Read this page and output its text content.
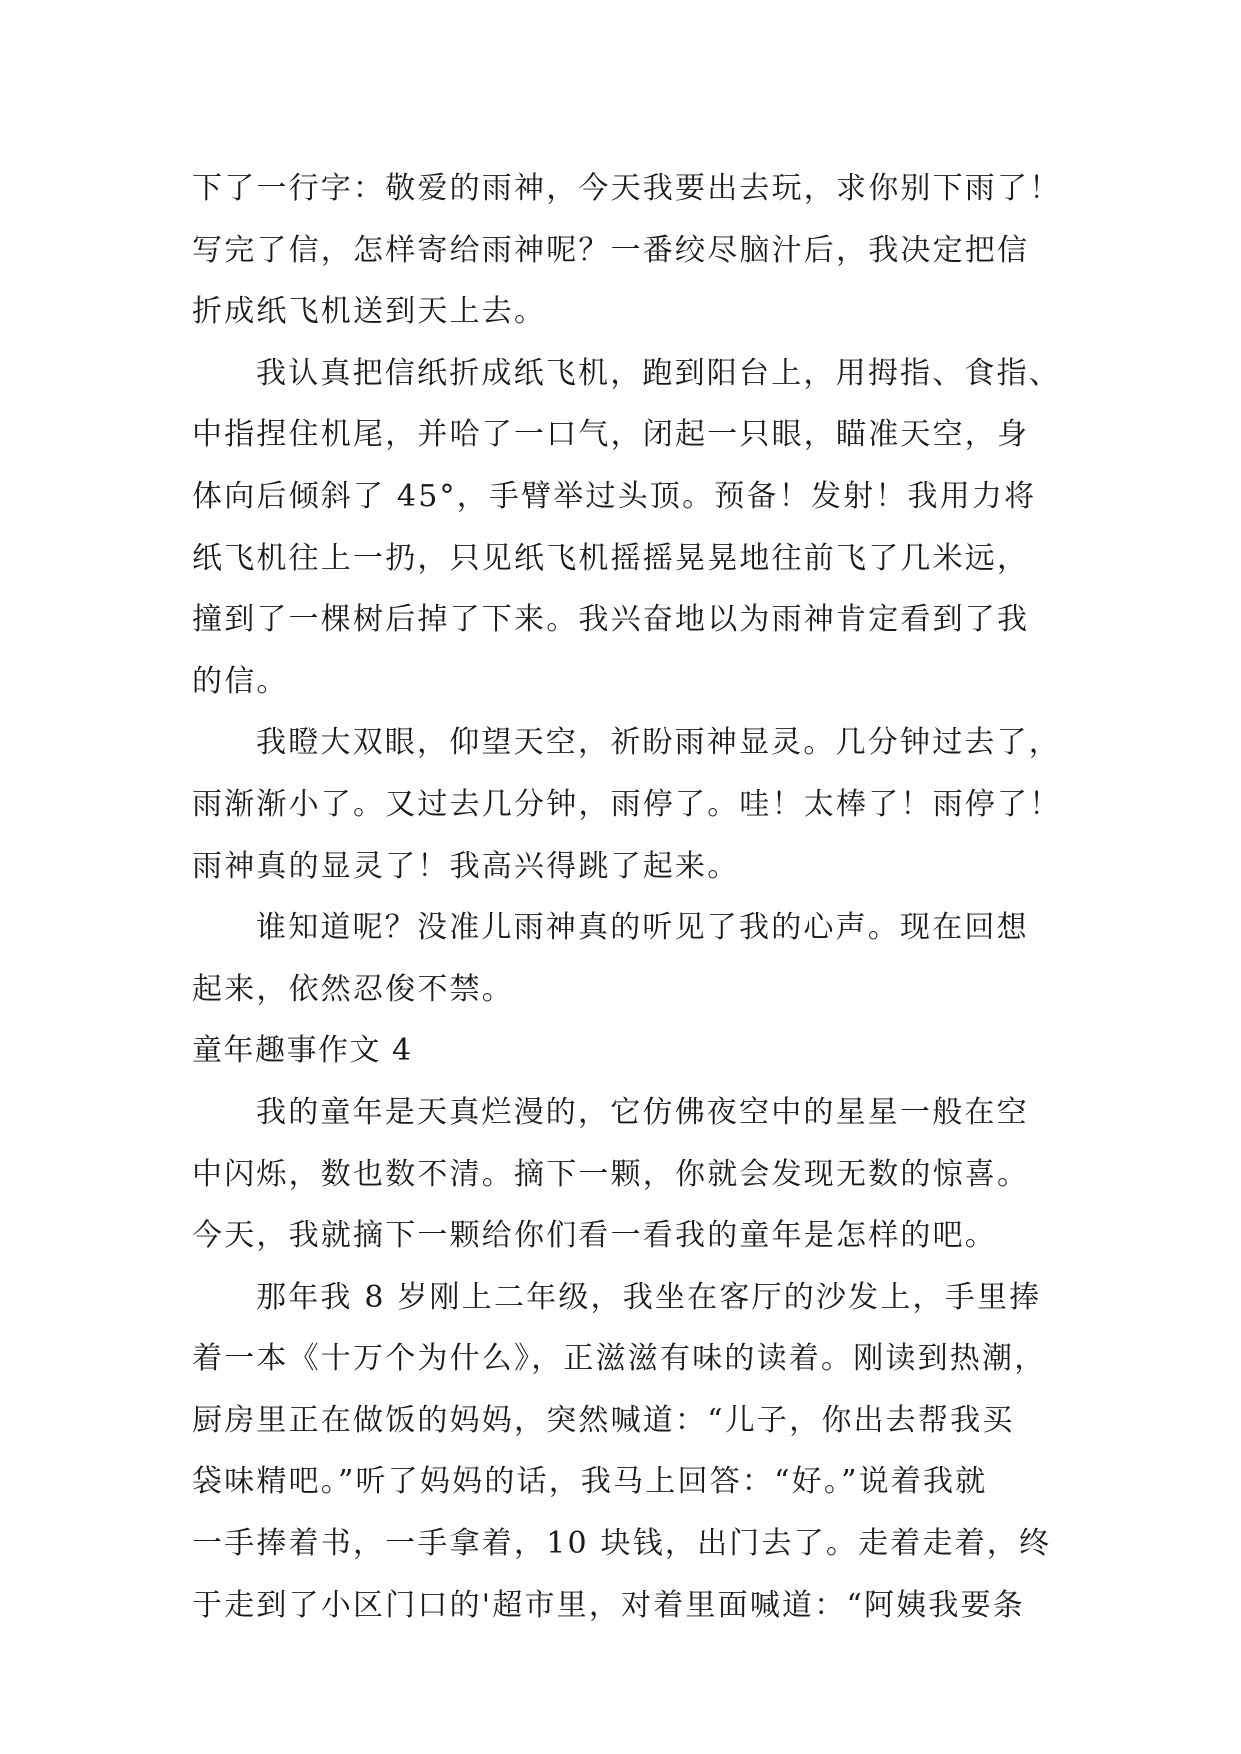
下了一行字：敬爱的雨神，今天我要出去玩，求你别下雨了！
写完了信，怎样寄给雨神呢？一番绞尽脑汁后，我决定把信
折成纸飞机送到天上去。
我认真把信纸折成纸飞机，跑到阳台上，用拇指、食指、
中指捏住机尾，并哈了一口气，闭起一只眼，瞄准天空，身
体向后倾斜了 45°，手臂举过头顶。预备！发射！我用力将
纸飞机往上一扔，只见纸飞机摇摇晃晃地往前飞了几米远，
撞到了一棵树后掉了下来。我兴奋地以为雨神肯定看到了我
的信。
我瞪大双眼，仰望天空，祈盼雨神显灵。几分钟过去了，
雨渐渐小了。又过去几分钟，雨停了。哇！太棒了！雨停了！
雨神真的显灵了！我高兴得跳了起来。
谁知道呢？没准儿雨神真的听见了我的心声。现在回想
起来，依然忍俊不禁。
童年趣事作文 4
我的童年是天真烂漫的，它仿佛夜空中的星星一般在空
中闪烁，数也数不清。摘下一颗，你就会发现无数的惊喜。
今天，我就摘下一颗给你们看一看我的童年是怎样的吧。
那年我 8 岁刚上二年级，我坐在客厅的沙发上，手里捧
着一本《十万个为什么》，正滋滋有味的读着。刚读到热潮，
厨房里正在做饭的妈妈，突然喊道：“儿子，你出去帮我买
袋味精吧。”听了妈妈的话，我马上回答：“好。”说着我就
一手捧着书，一手拿着，10 块钱，出门去了。走着走着，终
于走到了小区门口的'超市里，对着里面喊道：“阿姨我要条
